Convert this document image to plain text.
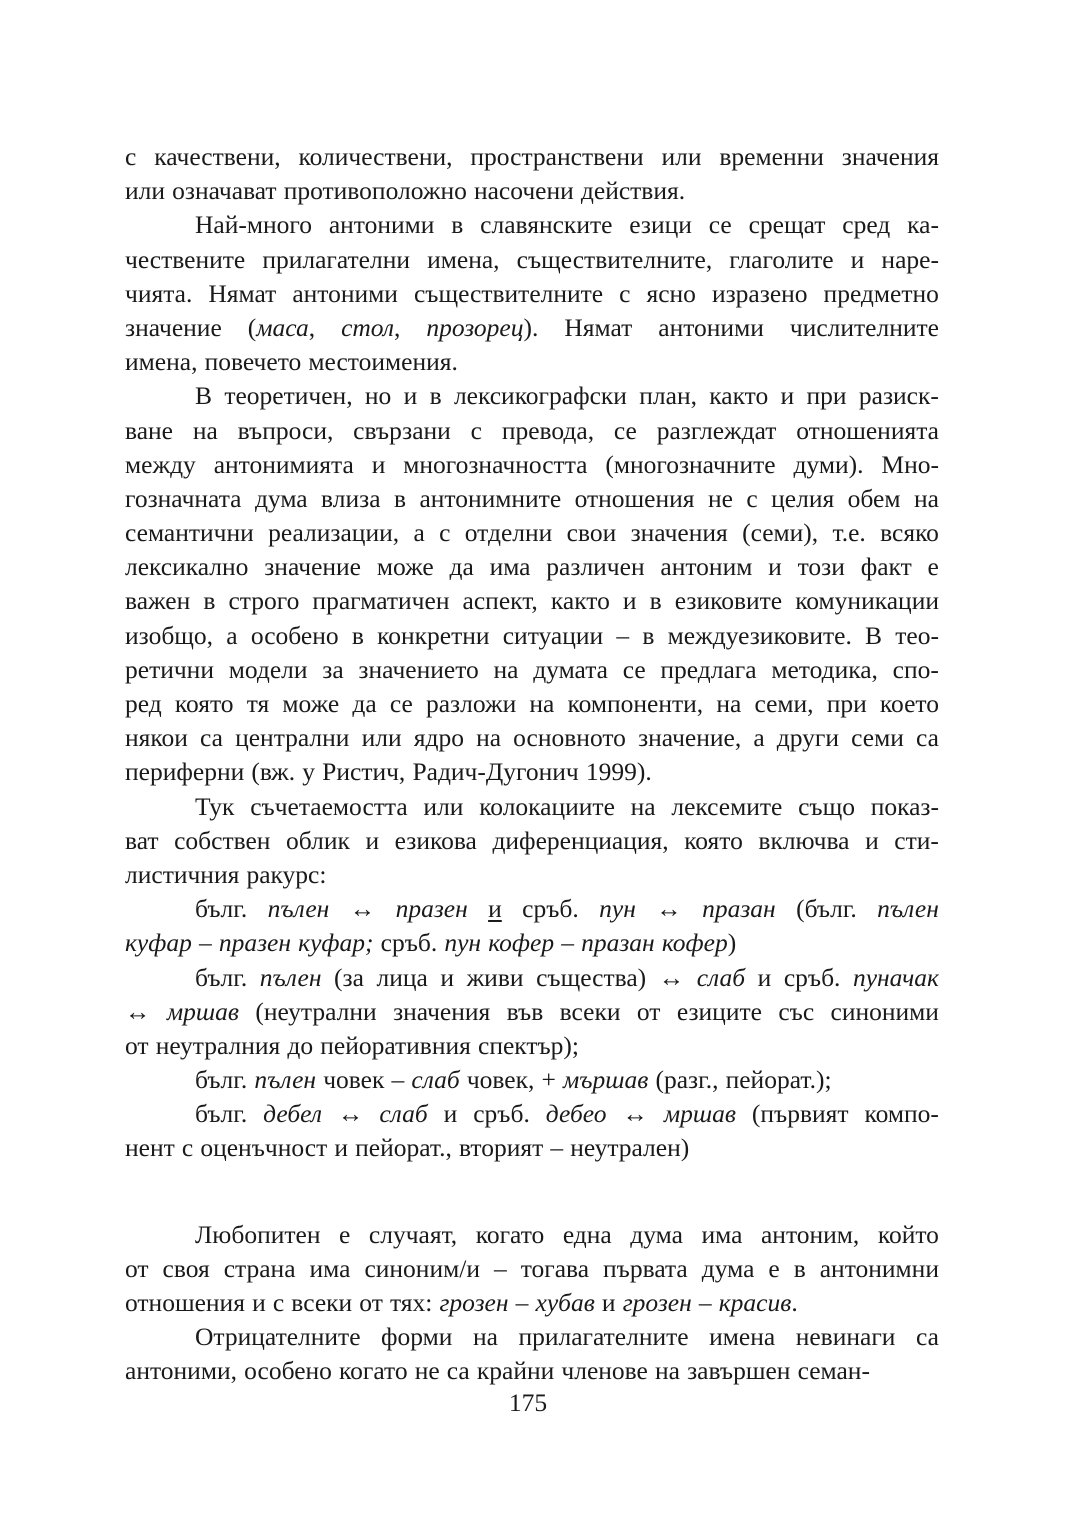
с качествени, количествени, пространствени или временни значения
или означават противоположно насочени действия.
Най-много антоними в славянските езици се срещат сред ка-
чествените прилагателни имена, съществителните, глаголите и наре-
чията. Нямат антоними съществителните с ясно изразено предметно
значение (маса, стол, прозорец). Нямат антоними числителните
имена, повечето местоимения.
В теоретичен, но и в лексикографски план, както и при разиск-
ване на въпроси, свързани с превода, се разглеждат отношенията
между антонимията и многозначността (многозначните думи). Мно-
гозначната дума влиза в антонимните отношения не с целия обем на
семантични реализации, а с отделни свои значения (семи), т.е. всяко
лексикално значение може да има различен антоним и този факт е
важен в строго прагматичен аспект, както и в езиковите комуникации
изобщо, а особено в конкретни ситуации – в междуезиковите. В тео-
ретични модели за значението на думата се предлага методика, спо-
ред която тя може да се разложи на компоненти, на семи, при което
някои са централни или ядро на основното значение, а други семи са
периферни (вж. у Ристич, Радич-Дугонич 1999).
Тук съчетаемостта или колокациите на лексемите също показ-
ват собствен облик и езикова диференциация, която включва и сти-
листичния ракурс:
бълг. пълен ↔ празен и сръб. пун ↔ празан (бълг. пълен
куфар – празен куфар; сръб. пун кофер – празан кофер)
бълг. пълен (за лица и живи същества) ↔ слаб и сръб. пуначак
↔ мршав (неутрални значения във всеки от езиците със синоними
от неутралния до пейоративния спектър);
бълг. пълен човек – слаб човек, + мършав (разг., пейорат.);
бълг. дебел ↔ слаб и сръб. дебео ↔ мршав (първият компо-
нент с оценъчност и пейорат., вторият – неутрален)
Любопитен е случаят, когато една дума има антоним, който
от своя страна има синоним/и – тогава първата дума е в антонимни
отношения и с всеки от тях: грозен – хубав и грозен – красив.
Отрицателните форми на прилагателните имена невинаги са
антоними, особено когато не са крайни членове на завършен семан-
175
